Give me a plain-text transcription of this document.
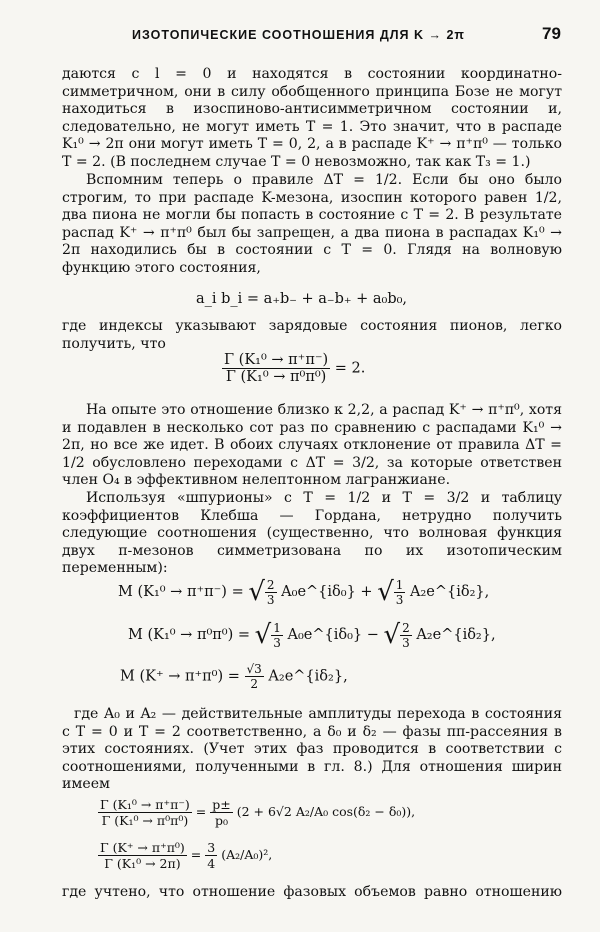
ИЗОТОПИЧЕСКИЕ СООТНОШЕНИЯ ДЛЯ K → 2π	79

даются с l = 0 и находятся в состоянии координатно-симметричном, они в силу обобщенного принципа Бозе не могут находиться в изоспиново-антисимметричном состоянии и, следовательно, не могут иметь T = 1. Это значит, что в распаде K₁⁰ → 2π они могут иметь T = 0, 2, а в распаде K⁺ → π⁺π⁰ — только T = 2. (В последнем случае T = 0 невозможно, так как T₃ = 1.)

Вспомним теперь о правиле ΔT = 1/2. Если бы оно было строгим, то при распаде K-мезона, изоспин которого равен 1/2, два пиона не могли бы попасть в состояние с T = 2. В результате распад K⁺ → π⁺π⁰ был бы запрещен, а два пиона в распадах K₁⁰ → 2π находились бы в состоянии с T = 0. Глядя на волновую функцию этого состояния,

a_i b_i = a₊b₋ + a₋b₊ + a₀b₀,

где индексы указывают зарядовые состояния пионов, легко получить, что

$\frac{\text{Γ (K₁⁰ → π⁺π⁻)}}{\text{Γ (K₁⁰ → π⁰π⁰)}} = 2$.

На опыте это отношение близко к 2,2, а распад K⁺ → π⁺π⁰, хотя и подавлен в несколько сот раз по сравнению с распадами K₁⁰ → 2π, но все же идет. В обоих случаях отклонение от правила ΔT = 1/2 обусловлено переходами с ΔT = 3/2, за которые ответствен член O₄ в эффективном нелептонном лагранжиане.

Используя «шпурионы» с T = 1/2 и T = 3/2 и таблицу коэффициентов Клебша — Гордана, нетрудно получить следующие соотношения (существенно, что волновая функция двух π-мезонов симметризована по их изотопическим переменным):

M (K₁⁰ → π⁺π⁻) = √ $\frac{2}{3}$ A₀e^{iδ₀} + √ $\frac{1}{3}$ A₂e^{iδ₂},
M (K₁⁰ → π⁰π⁰) = √ $\frac{1}{3}$ A₀e^{iδ₀} − √ $\frac{2}{3}$ A₂e^{iδ₂},
M $(K^+ \to \pi^+\pi^0) = \frac{√3}{2}$ A₂e^{iδ₂},

где A₀ и A₂ — действительные амплитуды перехода в состояния с T = 0 и T = 2 соответственно, а δ₀ и δ₂ — фазы ππ-рассеяния в этих состояниях. (Учет этих фаз проводится в соответствии с соотношениями, полученными в гл. 8.) Для отношения ширин имеем

$\frac{\text{Γ (K₁⁰ → π⁺π⁻)}}{\text{Γ (K₁⁰ → π⁰π⁰)}} = \frac{p\pm}{\text{p₀}} (2 + 6√2$ A₂/A₀ cos(δ₂ − δ₀)),
$\frac{\text{Γ (K⁺ → π⁺π⁰)}}{\text{Γ (K₁⁰ → 2π)}} = \frac{3}{4} (A_2/A_0)^2$,
где учтено, что отношение фазовых объемов равно отношению
